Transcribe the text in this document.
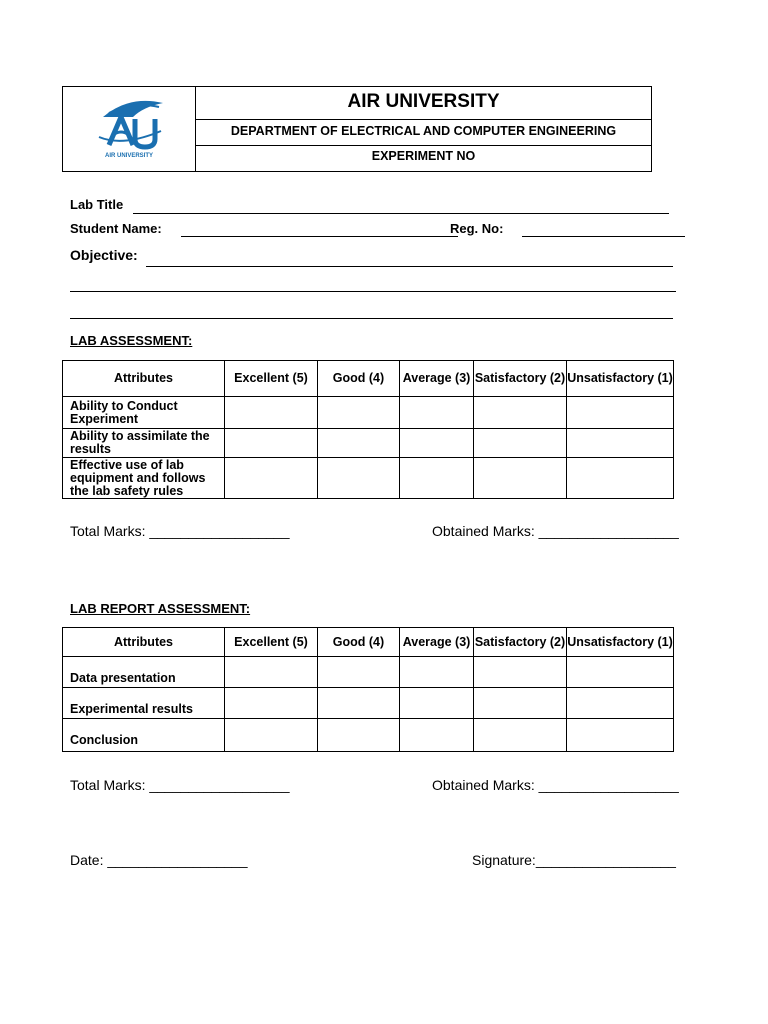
AIR UNIVERSITY
AIR UNIVERSITY
DEPARTMENT OF ELECTRICAL AND COMPUTER ENGINEERING
EXPERIMENT NO
Lab Title
Student Name:	Reg. No:
Objective:
LAB ASSESSMENT:
Attributes	Excellent (5)	Good (4)	Average (3)	Satisfactory (2)	Unsatisfactory (1)
Ability to Conduct Experiment					
Ability to assimilate the results					
Effective use of lab equipment and follows the lab safety rules					
Total Marks: __________________	Obtained Marks: __________________
LAB REPORT ASSESSMENT:
Attributes	Excellent (5)	Good (4)	Average (3)	Satisfactory (2)	Unsatisfactory (1)
Data presentation					
Experimental results					
Conclusion					
Total Marks: __________________	Obtained Marks: __________________
Date: __________________	Signature:__________________
